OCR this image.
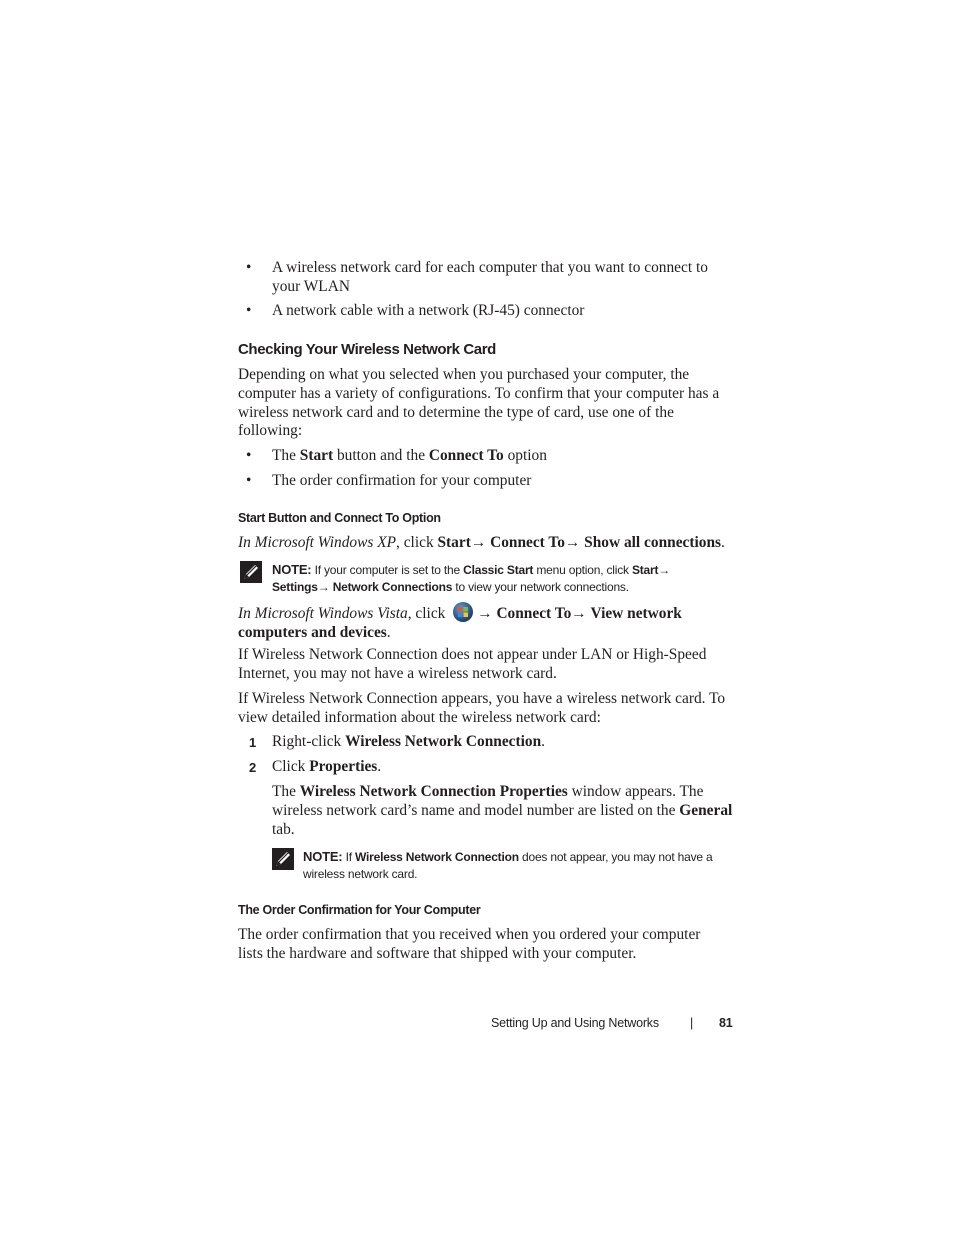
• A wireless network card for each computer that you want to connect to your WLAN
• A network cable with a network (RJ-45) connector
Checking Your Wireless Network Card
Depending on what you selected when you purchased your computer, the computer has a variety of configurations. To confirm that your computer has a wireless network card and to determine the type of card, use one of the following:
• The Start button and the Connect To option
• The order confirmation for your computer
Start Button and Connect To Option
In Microsoft Windows XP, click Start→ Connect To→ Show all connections.
NOTE: If your computer is set to the Classic Start menu option, click Start→
Settings→ Network Connections to view your network connections.
In Microsoft Windows Vista, click
→ Connect To→ View network
computers and devices.
If Wireless Network Connection does not appear under LAN or High-Speed Internet, you may not have a wireless network card.
If Wireless Network Connection appears, you have a wireless network card. To view detailed information about the wireless network card:
1 Right-click Wireless Network Connection.
2 Click Properties.
The Wireless Network Connection Properties window appears. The wireless network card’s name and model number are listed on the General tab.
NOTE: If Wireless Network Connection does not appear, you may not have a wireless network card.
The Order Confirmation for Your Computer
The order confirmation that you received when you ordered your computer lists the hardware and software that shipped with your computer.
Setting Up and Using Networks | 81
